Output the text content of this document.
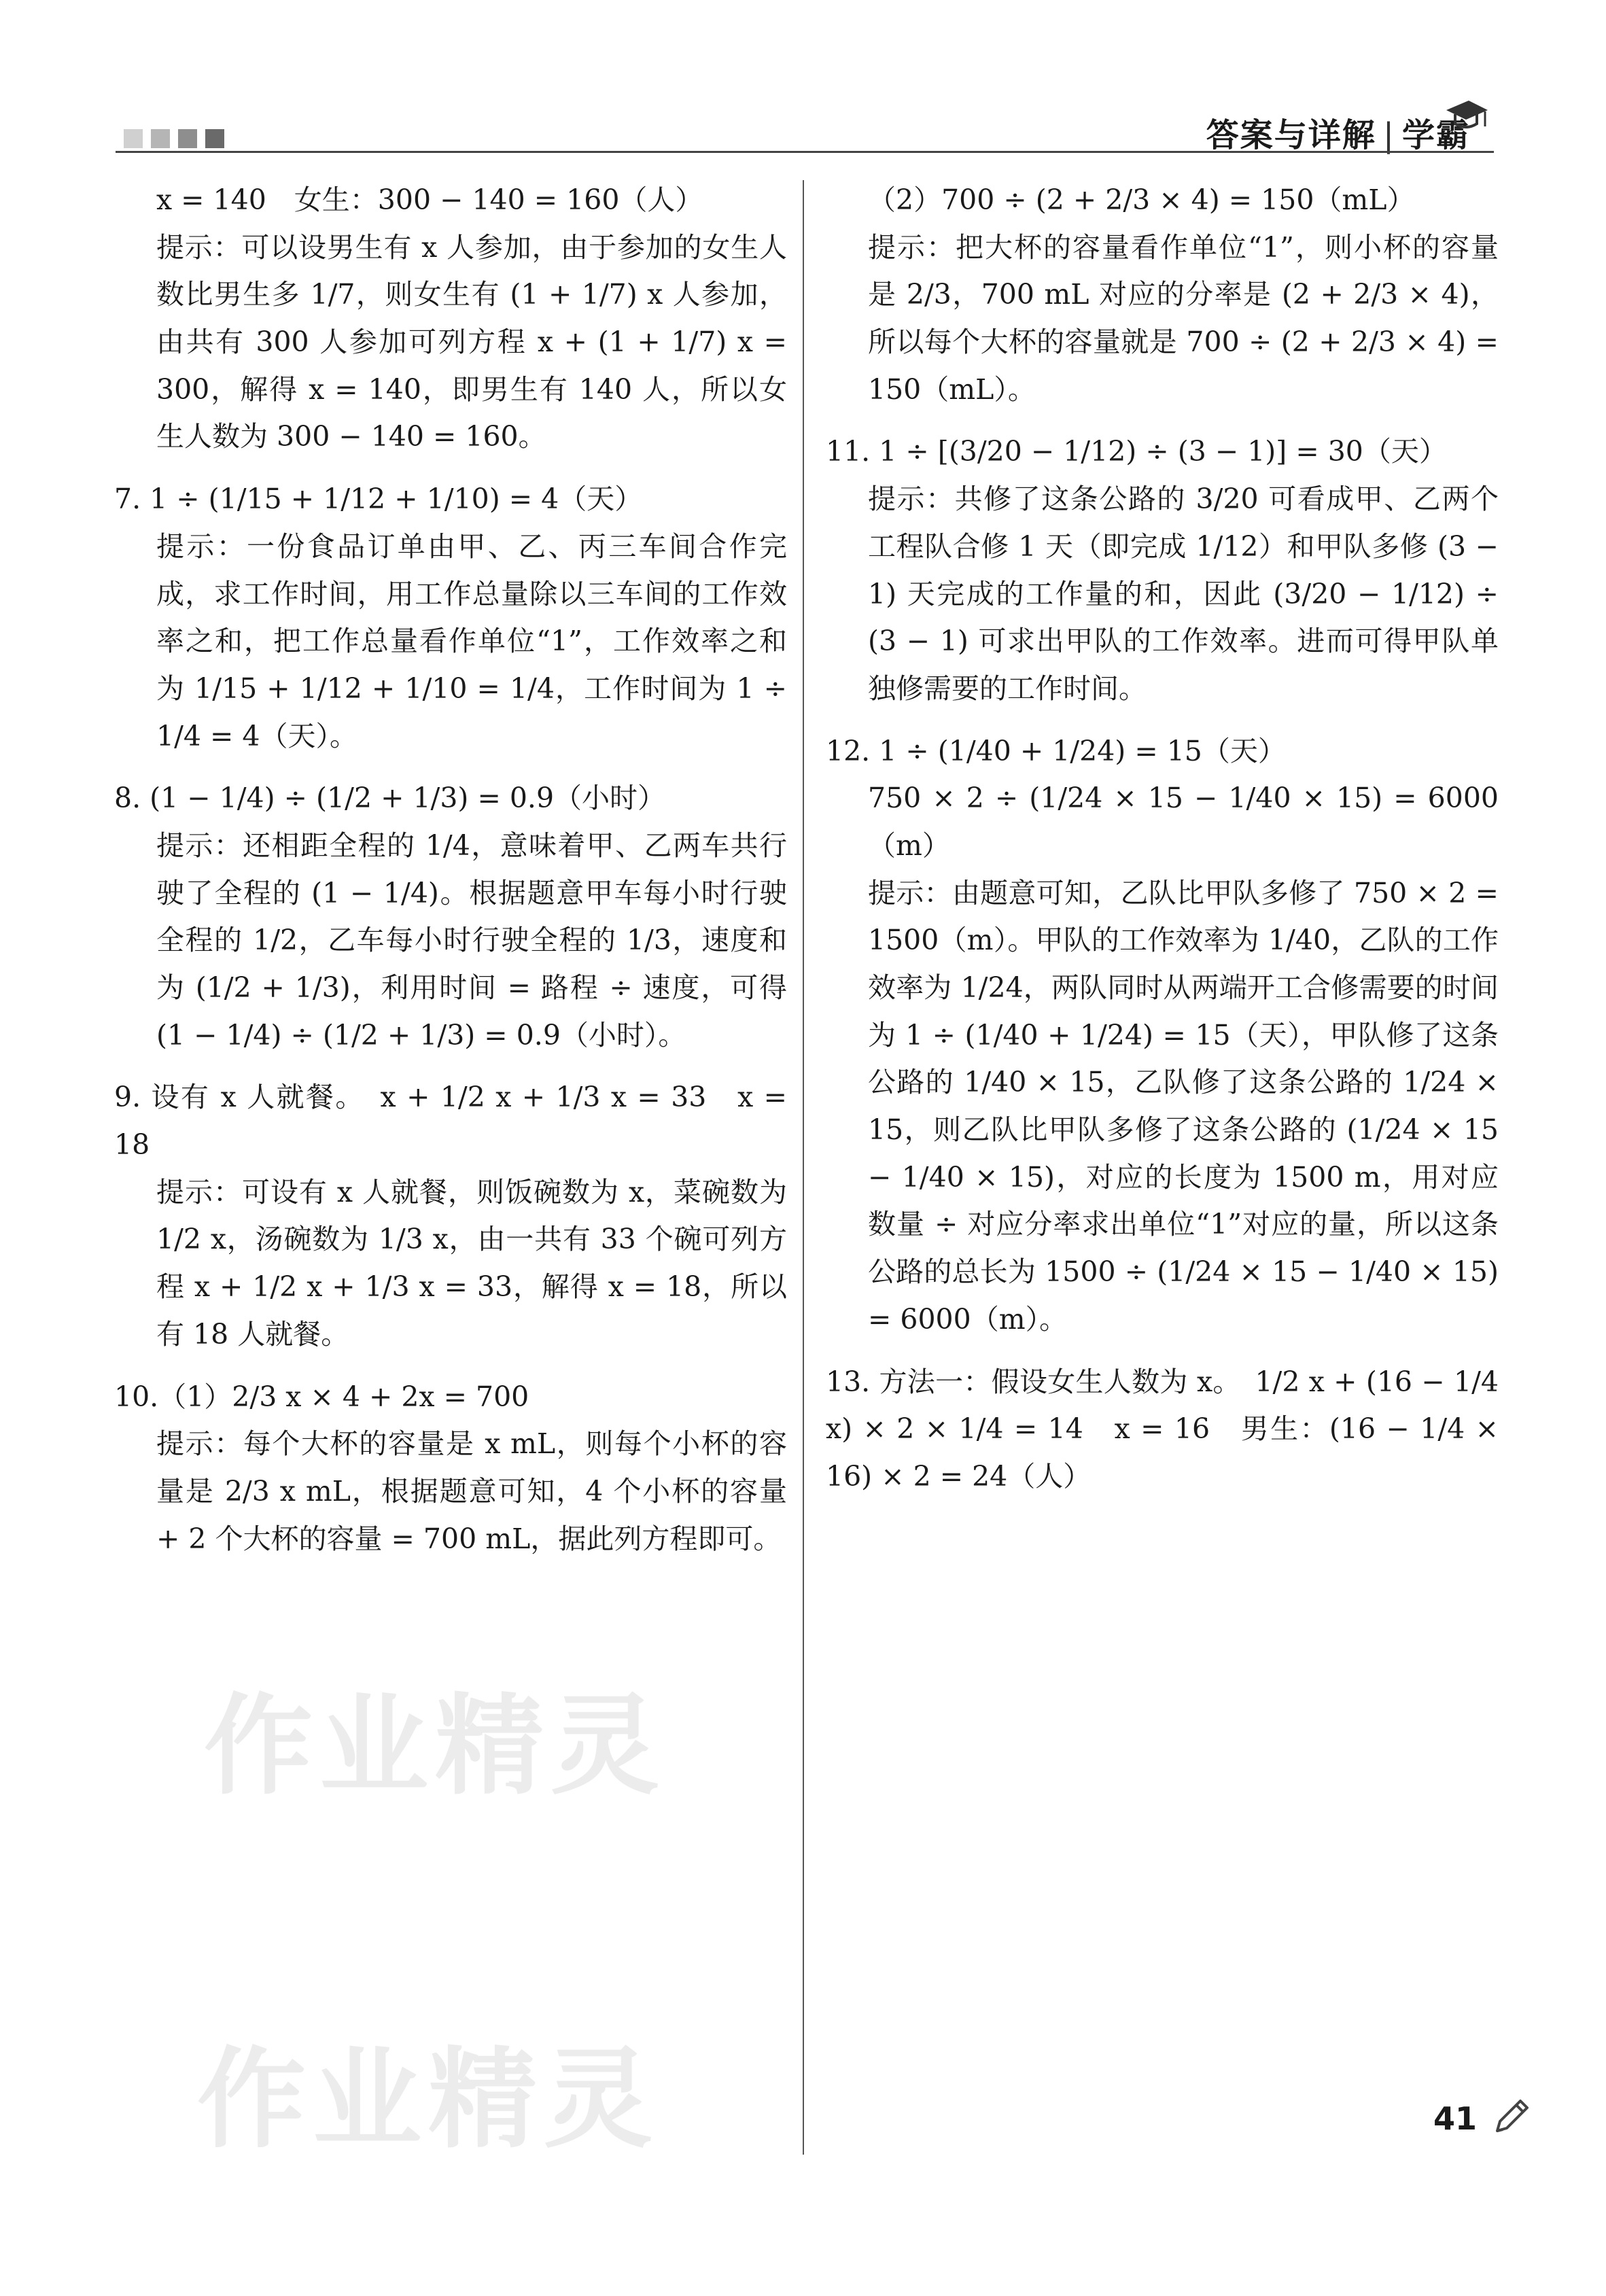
答案与详解 | 学霸

x = 140　女生：300 − 140 = 160（人）

提示：可以设男生有 x 人参加，由于参加的女生人数比男生多 1/7，则女生有 (1 + 1/7) x 人参加，由共有 300 人参加可列方程 x + (1 + 1/7) x = 300，解得 x = 140，即男生有 140 人，所以女生人数为 300 − 140 = 160。

7. 1 ÷ (1/15 + 1/12 + 1/10) = 4（天）

提示：一份食品订单由甲、乙、丙三车间合作完成，求工作时间，用工作总量除以三车间的工作效率之和，把工作总量看作单位“1”，工作效率之和为 1/15 + 1/12 + 1/10 = 1/4，工作时间为 1 ÷ 1/4 = 4（天）。

8. (1 − 1/4) ÷ (1/2 + 1/3) = 0.9（小时）

提示：还相距全程的 1/4，意味着甲、乙两车共行驶了全程的 (1 − 1/4)。根据题意甲车每小时行驶全程的 1/2，乙车每小时行驶全程的 1/3，速度和为 (1/2 + 1/3)，利用时间 = 路程 ÷ 速度，可得 (1 − 1/4) ÷ (1/2 + 1/3) = 0.9（小时）。

9. 设有 x 人就餐。　x + 1/2 x + 1/3 x = 33　x = 18

提示：可设有 x 人就餐，则饭碗数为 x，菜碗数为 1/2 x，汤碗数为 1/3 x，由一共有 33 个碗可列方程 x + 1/2 x + 1/3 x = 33，解得 x = 18，所以有 18 人就餐。

10.（1）2/3 x × 4 + 2x = 700

提示：每个大杯的容量是 x mL，则每个小杯的容量是 2/3 x mL，根据题意可知，4 个小杯的容量 + 2 个大杯的容量 = 700 mL，据此列方程即可。

（2）700 ÷ (2 + 2/3 × 4) = 150（mL）

提示：把大杯的容量看作单位“1”，则小杯的容量是 2/3，700 mL 对应的分率是 (2 + 2/3 × 4)，所以每个大杯的容量就是 700 ÷ (2 + 2/3 × 4) = 150（mL）。

11. 1 ÷ [(3/20 − 1/12) ÷ (3 − 1)] = 30（天）

提示：共修了这条公路的 3/20 可看成甲、乙两个工程队合修 1 天（即完成 1/12）和甲队多修 (3 − 1) 天完成的工作量的和，因此 (3/20 − 1/12) ÷ (3 − 1) 可求出甲队的工作效率。进而可得甲队单独修需要的工作时间。

12. 1 ÷ (1/40 + 1/24) = 15（天）

750 × 2 ÷ (1/24 × 15 − 1/40 × 15) = 6000（m）

提示：由题意可知，乙队比甲队多修了 750 × 2 = 1500（m）。甲队的工作效率为 1/40，乙队的工作效率为 1/24，两队同时从两端开工合修需要的时间为 1 ÷ (1/40 + 1/24) = 15（天），甲队修了这条公路的 1/40 × 15，乙队修了这条公路的 1/24 × 15，则乙队比甲队多修了这条公路的 (1/24 × 15 − 1/40 × 15)，对应的长度为 1500 m，用对应数量 ÷ 对应分率求出单位“1”对应的量，所以这条公路的总长为 1500 ÷ (1/24 × 15 − 1/40 × 15) = 6000（m）。

13. 方法一：假设女生人数为 x。　1/2 x + (16 − 1/4 x) × 2 × 1/4 = 14　x = 16　男生：(16 − 1/4 × 16) × 2 = 24（人）

作业精灵
作业精灵	41
